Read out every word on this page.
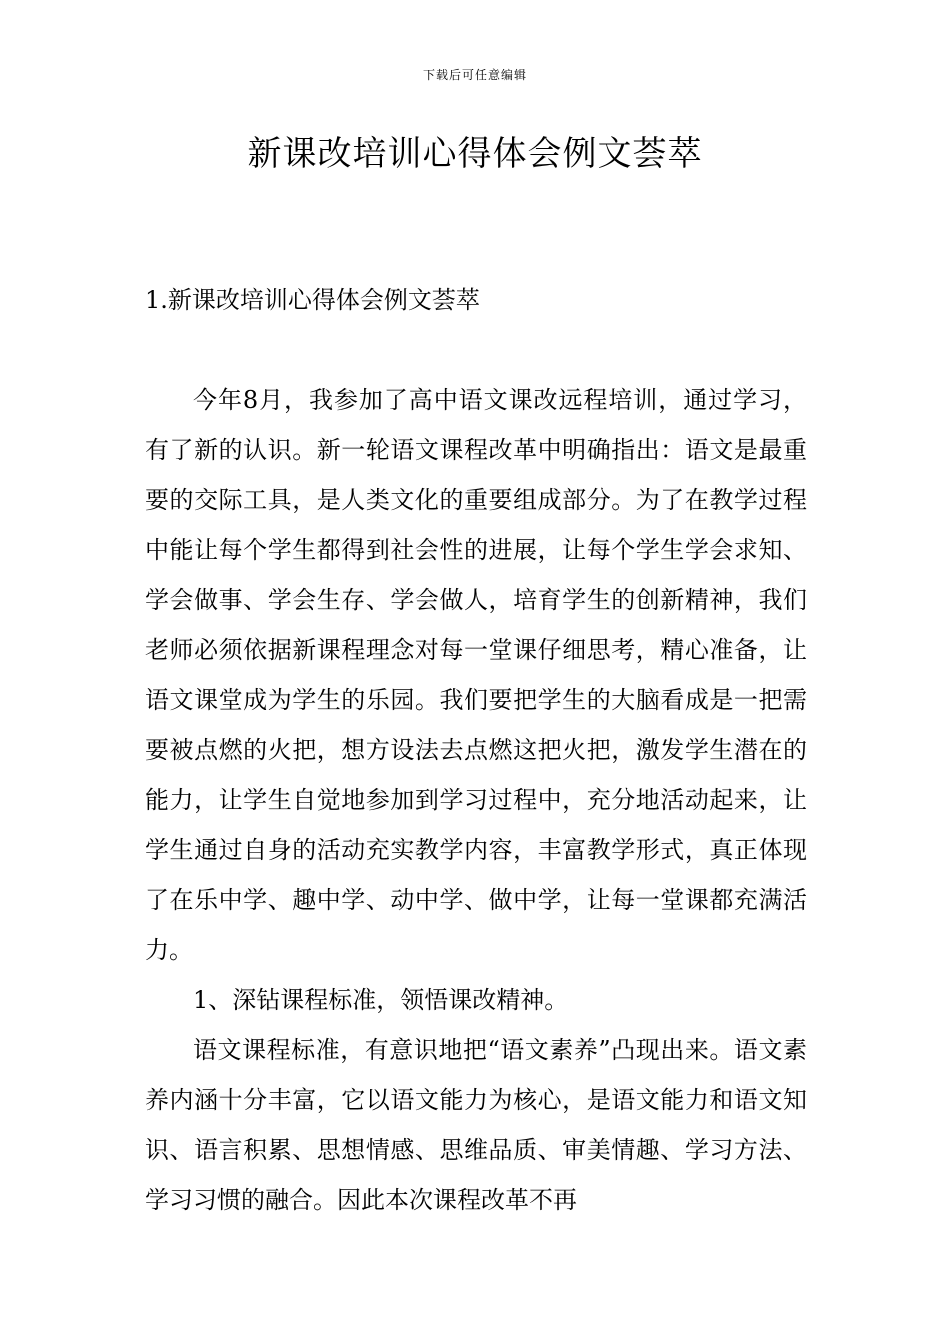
下载后可任意编辑
新课改培训心得体会例文荟萃
1.新课改培训心得体会例文荟萃

今年8月，我参加了高中语文课改远程培训，通过学习，有了新的认识。新一轮语文课程改革中明确指出：语文是最重要的交际工具，是人类文化的重要组成部分。为了在教学过程中能让每个学生都得到社会性的进展，让每个学生学会求知、学会做事、学会生存、学会做人，培育学生的创新精神，我们老师必须依据新课程理念对每一堂课仔细思考，精心准备，让语文课堂成为学生的乐园。我们要把学生的大脑看成是一把需要被点燃的火把，想方设法去点燃这把火把，激发学生潜在的能力，让学生自觉地参加到学习过程中，充分地活动起来，让学生通过自身的活动充实教学内容，丰富教学形式，真正体现了在乐中学、趣中学、动中学、做中学，让每一堂课都充满活力。

1、深钻课程标准，领悟课改精神。

语文课程标准，有意识地把“语文素养”凸现出来。语文素养内涵十分丰富，它以语文能力为核心，是语文能力和语文知识、语言积累、思想情感、思维品质、审美情趣、学习方法、学习习惯的融合。因此本次课程改革不再
